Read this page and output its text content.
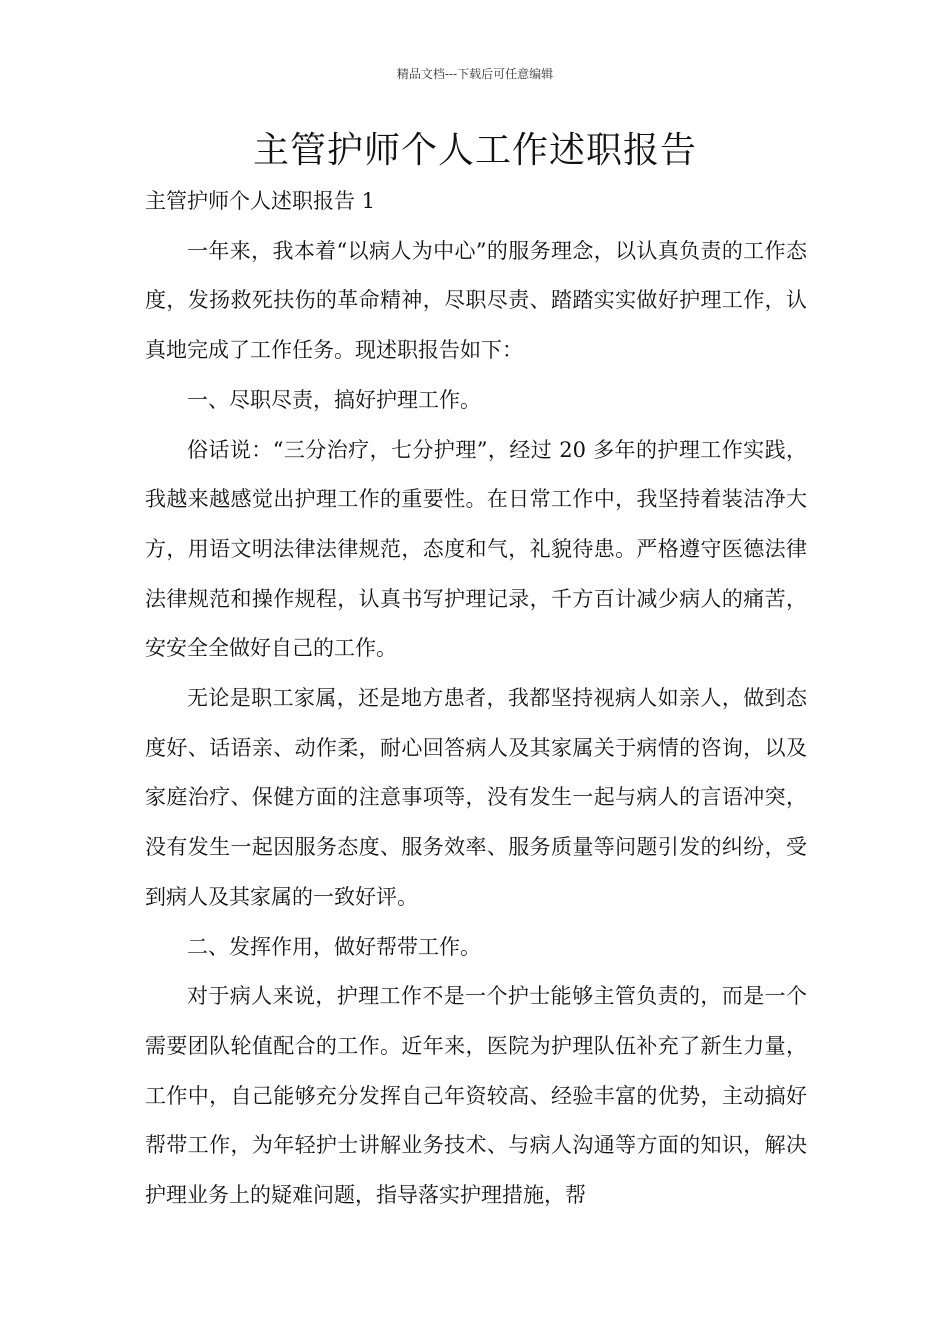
精品文档---下载后可任意编辑
主管护师个人工作述职报告

主管护师个人述职报告 1

一年来，我本着“以病人为中心”的服务理念，以认真负责的工作态度，发扬救死扶伤的革命精神，尽职尽责、踏踏实实做好护理工作，认真地完成了工作任务。现述职报告如下：

一、尽职尽责，搞好护理工作。

俗话说：“三分治疗，七分护理”，经过 20 多年的护理工作实践，我越来越感觉出护理工作的重要性。在日常工作中，我坚持着装洁净大方，用语文明法律法律规范，态度和气，礼貌待患。严格遵守医德法律法律规范和操作规程，认真书写护理记录，千方百计减少病人的痛苦，安安全全做好自己的工作。

无论是职工家属，还是地方患者，我都坚持视病人如亲人，做到态度好、话语亲、动作柔，耐心回答病人及其家属关于病情的咨询，以及家庭治疗、保健方面的注意事项等，没有发生一起与病人的言语冲突，没有发生一起因服务态度、服务效率、服务质量等问题引发的纠纷，受到病人及其家属的一致好评。

二、发挥作用，做好帮带工作。

对于病人来说，护理工作不是一个护士能够主管负责的，而是一个需要团队轮值配合的工作。近年来，医院为护理队伍补充了新生力量，工作中，自己能够充分发挥自己年资较高、经验丰富的优势，主动搞好帮带工作，为年轻护士讲解业务技术、与病人沟通等方面的知识，解决护理业务上的疑难问题，指导落实护理措施，帮
